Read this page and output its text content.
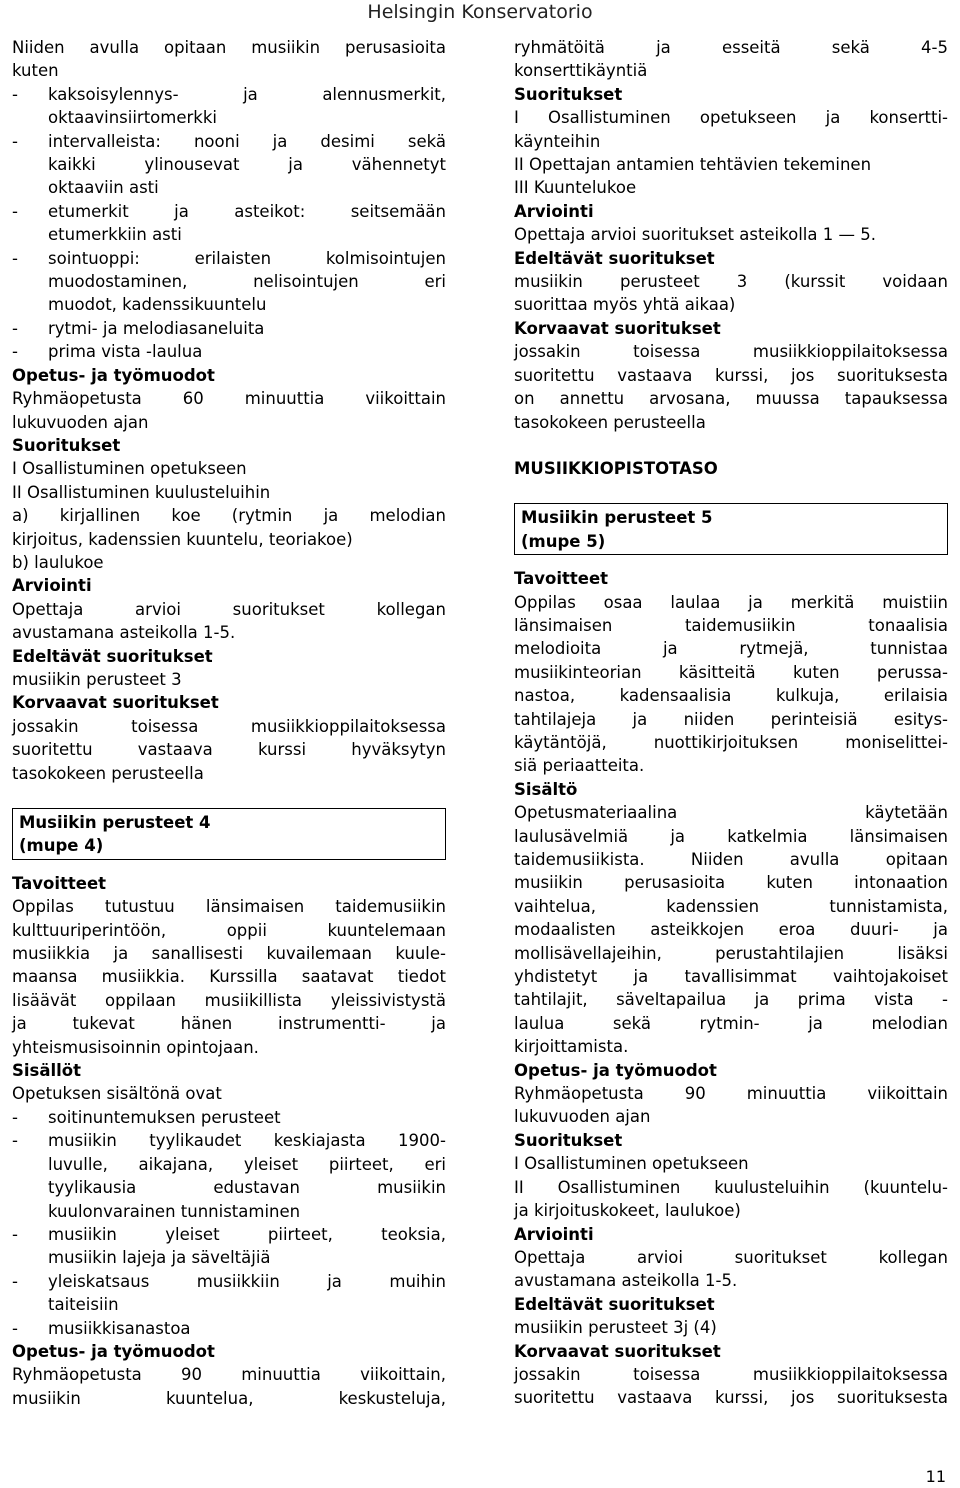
Helsingin Konservatorio

Niiden avulla opitaan musiikin perusasioita

kuten

-	kaksoisylennys- ja alennusmerkit,

oktaavinsiirtomerkki

-	intervalleista: nooni ja desimi sekä

kaikki ylinousevat ja vähennetyt

oktaaviin asti

-	etumerkit ja asteikot: seitsemään

etumerkkiin asti

-	sointuoppi: erilaisten kolmisointujen

muodostaminen, nelisointujen eri

muodot, kadenssikuuntelu

-	rytmi- ja melodiasaneluita

-	prima vista -laulua

Opetus- ja työmuodot

Ryhmäopetusta 60 minuuttia viikoittain

lukuvuoden ajan

Suoritukset

I Osallistuminen opetukseen

II Osallistuminen kuulusteluihin

a) kirjallinen koe (rytmin ja melodian

kirjoitus, kadenssien kuuntelu, teoriakoe)

b) laulukoe

Arviointi

Opettaja arvioi suoritukset kollegan

avustamana asteikolla 1-5.

Edeltävät suoritukset

musiikin perusteet 3

Korvaavat suoritukset

jossakin toisessa musiikkioppilaitoksessa

suoritettu vastaava kurssi hyväksytyn

tasokokeen perusteella

Musiikin perusteet 4

(mupe 4)

Tavoitteet

Oppilas tutustuu länsimaisen taidemusiikin

kulttuuriperintöön, oppii kuuntelemaan

musiikkia ja sanallisesti kuvailemaan kuule-

maansa musiikkia. Kurssilla saatavat tiedot

lisäävät oppilaan musiikillista yleissivistystä

ja tukevat hänen instrumentti- ja

yhteismusisoinnin opintojaan.

Sisällöt

Opetuksen sisältönä ovat

-	soitinuntemuksen perusteet

-	musiikin tyylikaudet keskiajasta 1900-

luvulle, aikajana, yleiset piirteet, eri

tyylikausia edustavan musiikin

kuulonvarainen tunnistaminen

-	musiikin yleiset piirteet, teoksia,

musiikin lajeja ja säveltäjiä

-	yleiskatsaus musiikkiin ja muihin

taiteisiin

-	musiikkisanastoa

Opetus- ja työmuodot

Ryhmäopetusta 90 minuuttia viikoittain,

musiikin kuuntelua, keskusteluja,

ryhmätöitä ja esseitä sekä 4-5

konserttikäyntiä

Suoritukset

I Osallistuminen opetukseen ja konsertti-

käynteihin

II Opettajan antamien tehtävien tekeminen

III Kuuntelukoe

Arviointi

Opettaja arvioi suoritukset asteikolla 1 — 5.

Edeltävät suoritukset

musiikin perusteet 3 (kurssit voidaan

suorittaa myös yhtä aikaa)

Korvaavat suoritukset

jossakin toisessa musiikkioppilaitoksessa

suoritettu vastaava kurssi, jos suorituksesta

on annettu arvosana, muussa tapauksessa

tasokokeen perusteella

MUSIIKKIOPISTOTASO

Musiikin perusteet 5

(mupe 5)

Tavoitteet

Oppilas osaa laulaa ja merkitä muistiin

länsimaisen taidemusiikin tonaalisia

melodioita ja rytmejä, tunnistaa

musiikinteorian käsitteitä kuten perussa-

nastoa, kadensaalisia kulkuja, erilaisia

tahtilajeja ja niiden perinteisiä esitys-

käytäntöjä, nuottikirjoituksen moniselittei-

siä periaatteita.

Sisältö

Opetusmateriaalina käytetään

laulusävelmiä ja katkelmia länsimaisen

taidemusiikista. Niiden avulla opitaan

musiikin perusasioita kuten intonaation

vaihtelua, kadenssien tunnistamista,

modaalisten asteikkojen eroa duuri- ja

mollisävellajeihin, perustahtilajien lisäksi

yhdistetyt ja tavallisimmat vaihtojakoiset

tahtilajit, säveltapailua ja prima vista -

laulua sekä rytmin- ja melodian

kirjoittamista.

Opetus- ja työmuodot

Ryhmäopetusta 90 minuuttia viikoittain

lukuvuoden ajan

Suoritukset

I Osallistuminen opetukseen

II Osallistuminen kuulusteluihin (kuuntelu-

ja kirjoituskokeet, laulukoe)

Arviointi

Opettaja arvioi suoritukset kollegan

avustamana asteikolla 1-5.

Edeltävät suoritukset

musiikin perusteet 3j (4)

Korvaavat suoritukset

jossakin toisessa musiikkioppilaitoksessa

suoritettu vastaava kurssi, jos suorituksesta

11
